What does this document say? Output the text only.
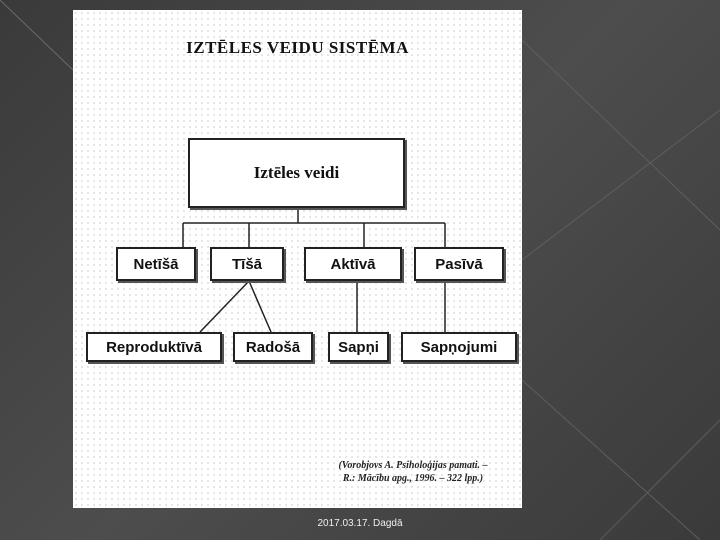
IZTĒLES VEIDU SISTĒMA
Iztēles veidi
Netīšā	Tīšā	Aktīvā	Pasīvā
Reproduktīvā	Radošā	Sapņi	Sapņojumi
(Vorobjovs A. Psiholoģijas pamati. –
R.: Mācību apg., 1996. – 322 lpp.)
2017.03.17. Dagdā
